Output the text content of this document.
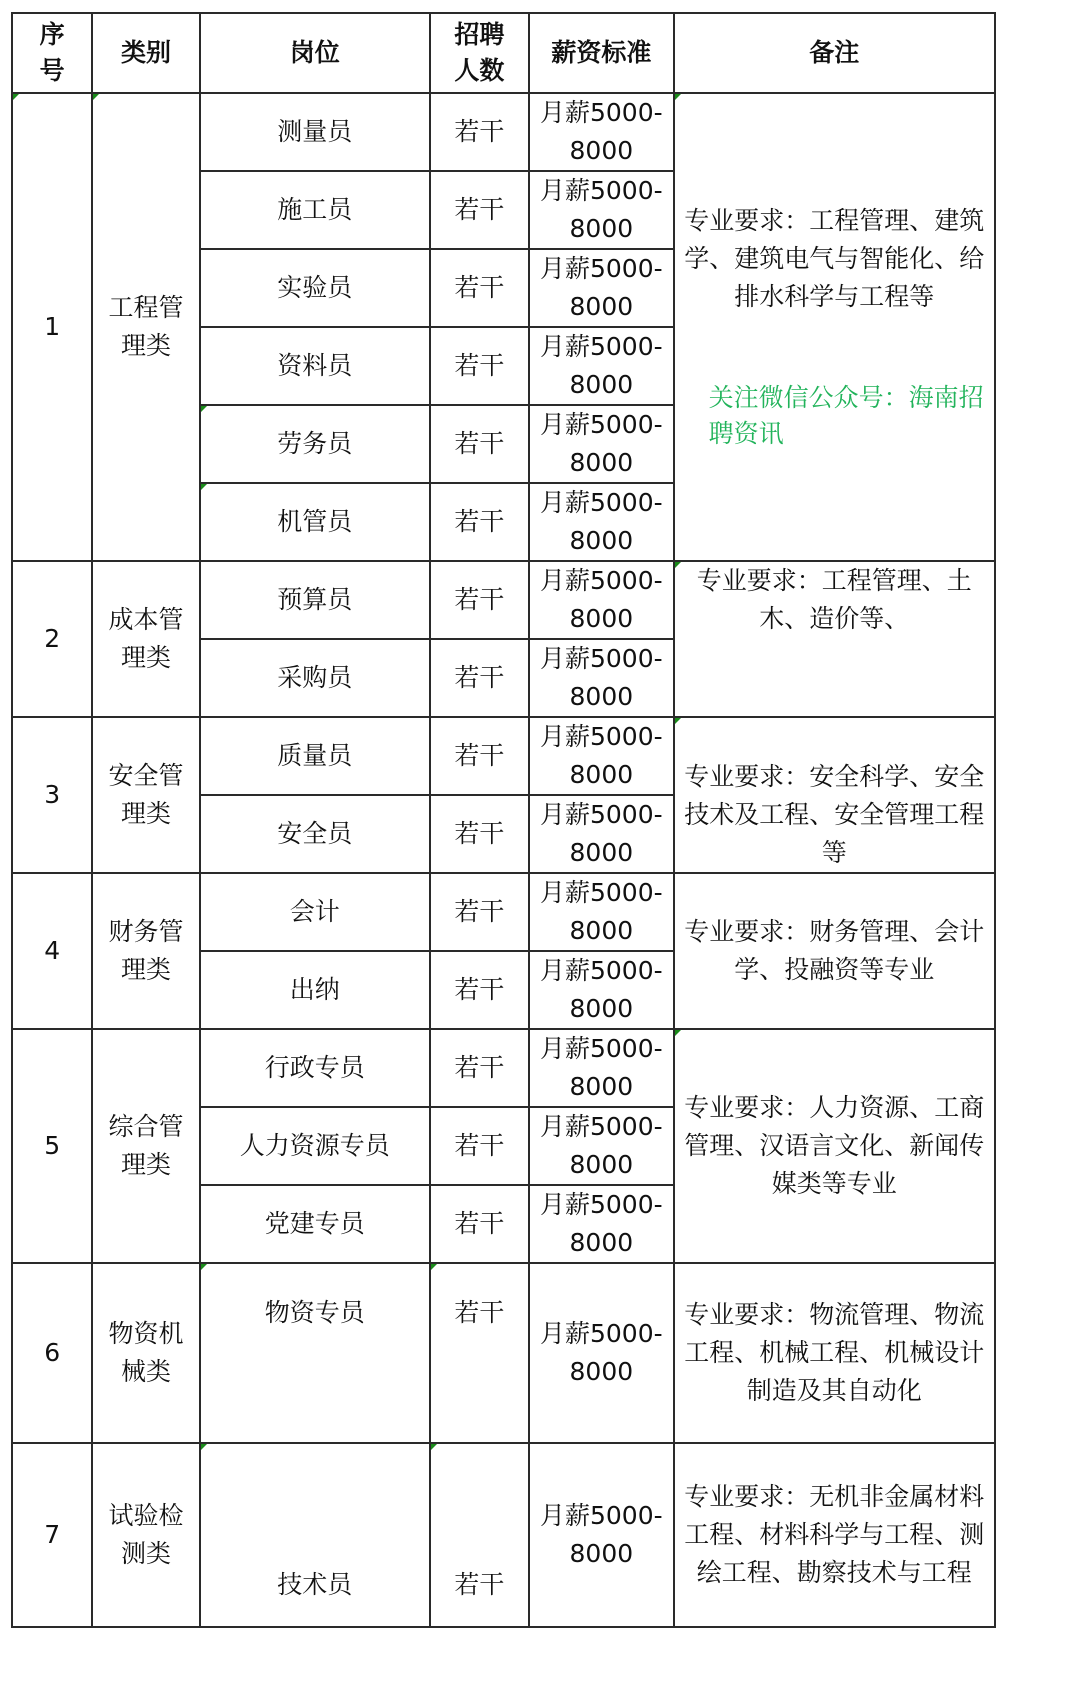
序号	类别	岗位	招聘人数	薪资标准	备注
1	工程管理类	测量员	若干	月薪5000-8000	专业要求：工程管理、建筑学、建筑电气与智能化、给排水科学与工程等
关注微信公众号：海南招聘资讯

		施工员	若干	月薪5000-8000	
		实验员	若干	月薪5000-8000	
		资料员	若干	月薪5000-8000	
		劳务员	若干	月薪5000-8000	
		机管员	若干	月薪5000-8000	
2	成本管理类	预算员	若干	月薪5000-8000	专业要求：工程管理、土木、造价等、

		采购员	若干	月薪5000-8000	
3	安全管理类	质量员	若干	月薪5000-8000	专业要求：安全科学、安全技术及工程、安全管理工程等

		安全员	若干	月薪5000-8000	
4	财务管理类	会计	若干	月薪5000-8000	专业要求：财务管理、会计学、投融资等专业

		出纳	若干	月薪5000-8000	
5	综合管理类	行政专员	若干	月薪5000-8000	专业要求：人力资源、工商管理、汉语言文化、新闻传媒类等专业

		人力资源专员	若干	月薪5000-8000	
		党建专员	若干	月薪5000-8000	
6	物资机械类	物资专员	若干	月薪5000-8000	专业要求：物流管理、物流工程、机械工程、机械设计制造及其自动化

7	试验检测类	技术员	若干	月薪5000-8000	专业要求：无机非金属材料工程、材料科学与工程、测绘工程、勘察技术与工程
